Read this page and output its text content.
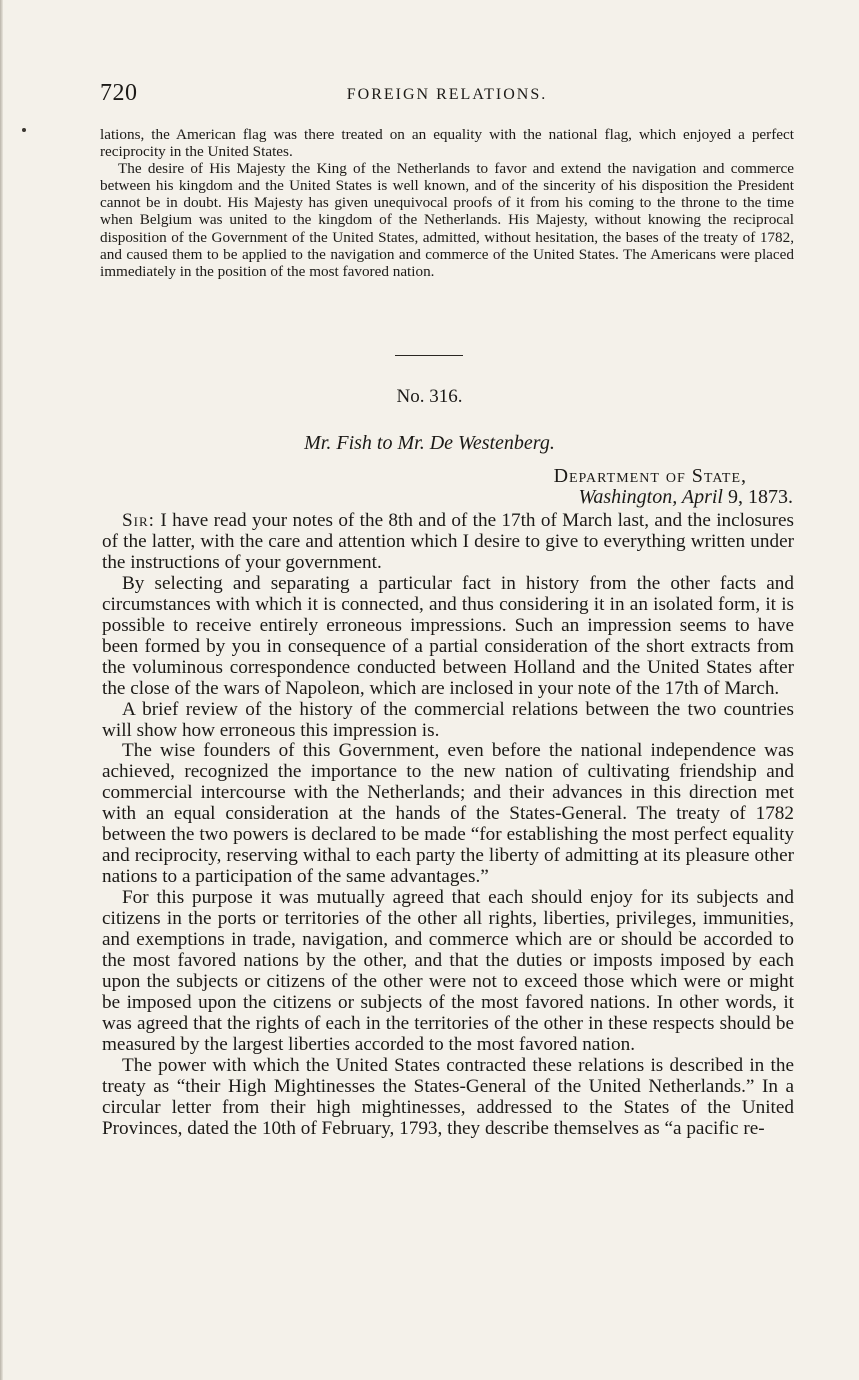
720	FOREIGN RELATIONS.

lations, the American flag was there treated on an equality with the national flag, which enjoyed a perfect reciprocity in the United States.

The desire of His Majesty the King of the Netherlands to favor and extend the navigation and commerce between his kingdom and the United States is well known, and of the sincerity of his disposition the President cannot be in doubt. His Majesty has given unequivocal proofs of it from his coming to the throne to the time when Belgium was united to the kingdom of the Netherlands. His Majesty, without knowing the reciprocal disposition of the Government of the United States, admitted, without hesitation, the bases of the treaty of 1782, and caused them to be applied to the navigation and commerce of the United States. The Americans were placed immediately in the position of the most favored nation.

No. 316.
Mr. Fish to Mr. De Westenberg.
Department of State,
Washington, April 9, 1873.

Sir: I have read your notes of the 8th and of the 17th of March last, and the inclosures of the latter, with the care and attention which I desire to give to everything written under the instructions of your government.

By selecting and separating a particular fact in history from the other facts and circumstances with which it is connected, and thus considering it in an isolated form, it is possible to receive entirely erroneous impressions. Such an impression seems to have been formed by you in consequence of a partial consideration of the short extracts from the voluminous correspondence conducted between Holland and the United States after the close of the wars of Napoleon, which are inclosed in your note of the 17th of March.

A brief review of the history of the commercial relations between the two countries will show how erroneous this impression is.

The wise founders of this Government, even before the national independence was achieved, recognized the importance to the new nation of cultivating friendship and commercial intercourse with the Netherlands; and their advances in this direction met with an equal consideration at the hands of the States-General. The treaty of 1782 between the two powers is declared to be made “for establishing the most perfect equality and reciprocity, reserving withal to each party the liberty of admitting at its pleasure other nations to a participation of the same advantages.”

For this purpose it was mutually agreed that each should enjoy for its subjects and citizens in the ports or territories of the other all rights, liberties, privileges, immunities, and exemptions in trade, navigation, and commerce which are or should be accorded to the most favored nations by the other, and that the duties or imposts imposed by each upon the subjects or citizens of the other were not to exceed those which were or might be imposed upon the citizens or subjects of the most favored nations. In other words, it was agreed that the rights of each in the territories of the other in these respects should be measured by the largest liberties accorded to the most favored nation.

The power with which the United States contracted these relations is described in the treaty as “their High Mightinesses the States-General of the United Netherlands.” In a circular letter from their high mightinesses, addressed to the States of the United Provinces, dated the 10th of February, 1793, they describe themselves as “a pacific re-
